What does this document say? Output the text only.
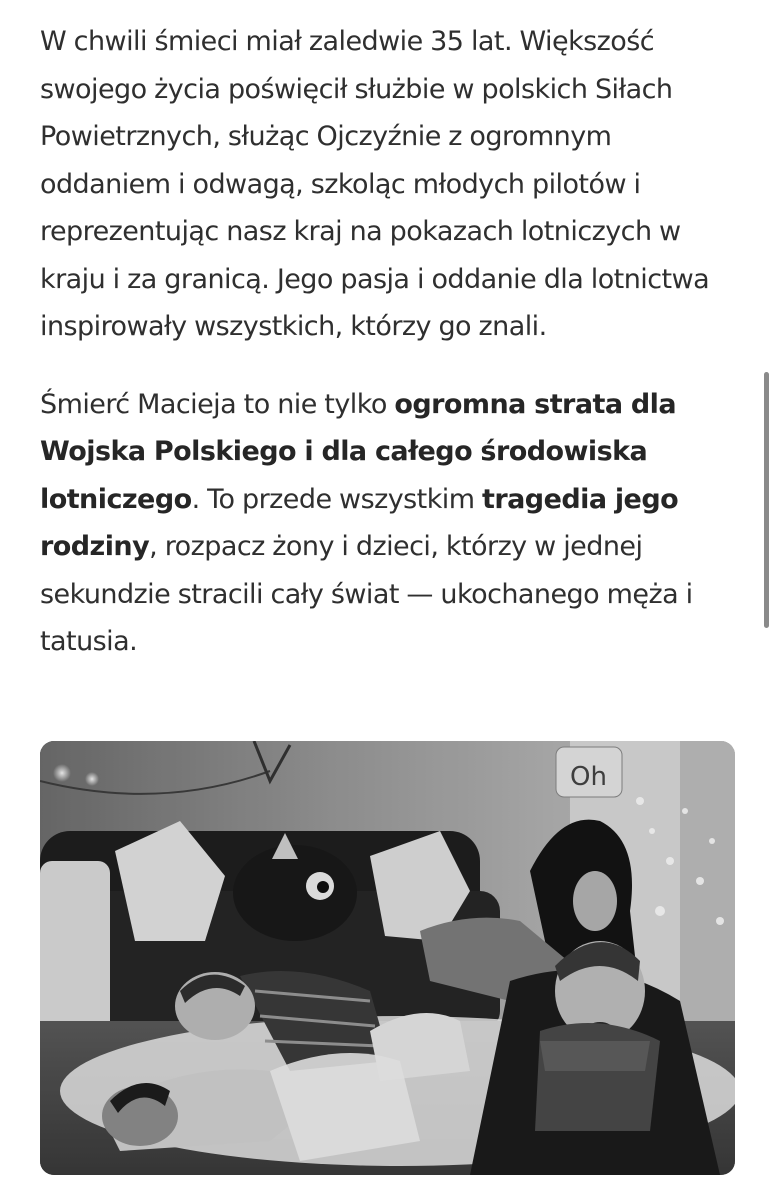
W chwili śmieci miał zaledwie 35 lat. Większość swojego życia poświęcił służbie w polskich Siłach Powietrznych, służąc Ojczyźnie z ogromnym oddaniem i odwagą, szkoląc młodych pilotów i reprezentując nasz kraj na pokazach lotniczych w kraju i za granicą. Jego pasja i oddanie dla lotnictwa inspirowały wszystkich, którzy go znali.

Śmierć Macieja to nie tylko ogromna strata dla Wojska Polskiego i dla całego środowiska lotniczego. To przede wszystkim tragedia jego rodziny, rozpacz żony i dzieci, którzy w jednej sekundzie stracili cały świat — ukochanego męża i tatusia.

Oh
